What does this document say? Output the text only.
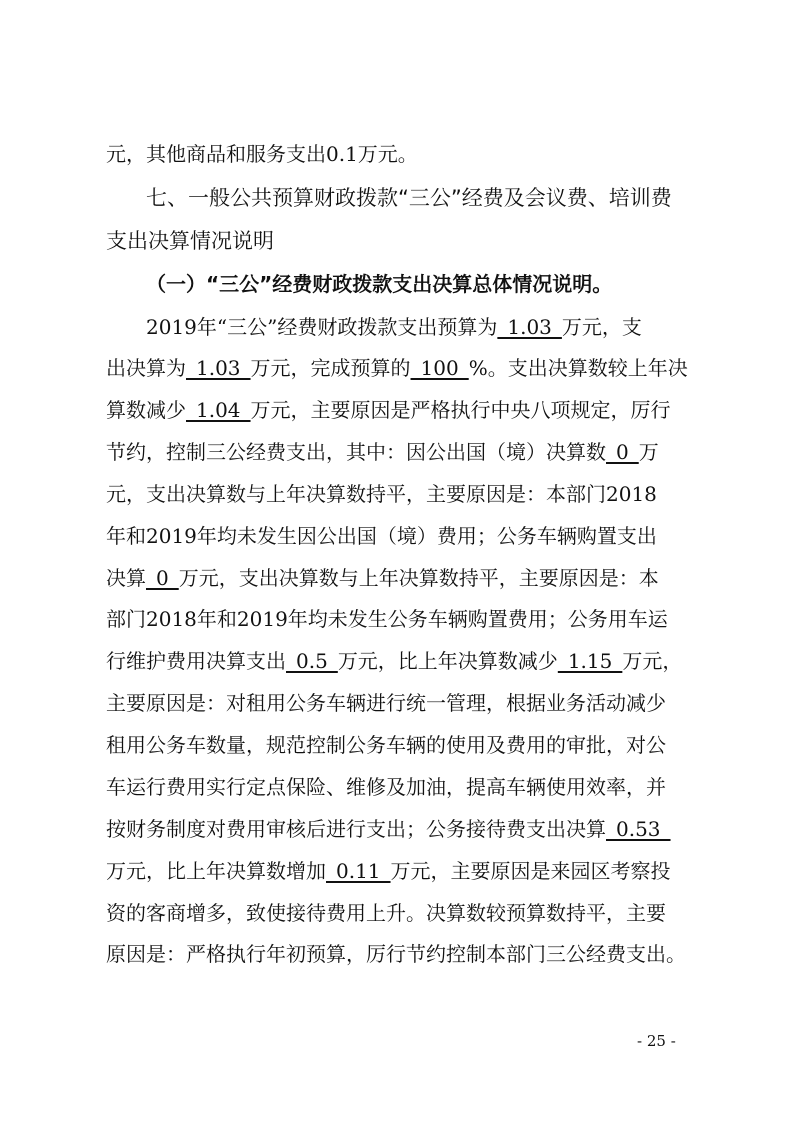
元，其他商品和服务支出0.1万元。
七、一般公共预算财政拨款“三公”经费及会议费、培训费
支出决算情况说明
（一）“三公”经费财政拨款支出决算总体情况说明。
2019年“三公”经费财政拨款支出预算为 1.03 万元，支
出决算为 1.03 万元，完成预算的 100 %。支出决算数较上年决
算数减少 1.04 万元，主要原因是严格执行中央八项规定，厉行
节约，控制三公经费支出，其中：因公出国（境）决算数 0 万
元，支出决算数与上年决算数持平，主要原因是：本部门2018
年和2019年均未发生因公出国（境）费用；公务车辆购置支出
决算 0 万元，支出决算数与上年决算数持平，主要原因是：本
部门2018年和2019年均未发生公务车辆购置费用；公务用车运
行维护费用决算支出 0.5 万元，比上年决算数减少 1.15 万元，
主要原因是：对租用公务车辆进行统一管理，根据业务活动减少
租用公务车数量，规范控制公务车辆的使用及费用的审批，对公
车运行费用实行定点保险、维修及加油，提高车辆使用效率，并
按财务制度对费用审核后进行支出；公务接待费支出决算 0.53 
万元，比上年决算数增加 0.11 万元，主要原因是来园区考察投
资的客商增多，致使接待费用上升。决算数较预算数持平，主要
原因是：严格执行年初预算，厉行节约控制本部门三公经费支出。
- 25 -
